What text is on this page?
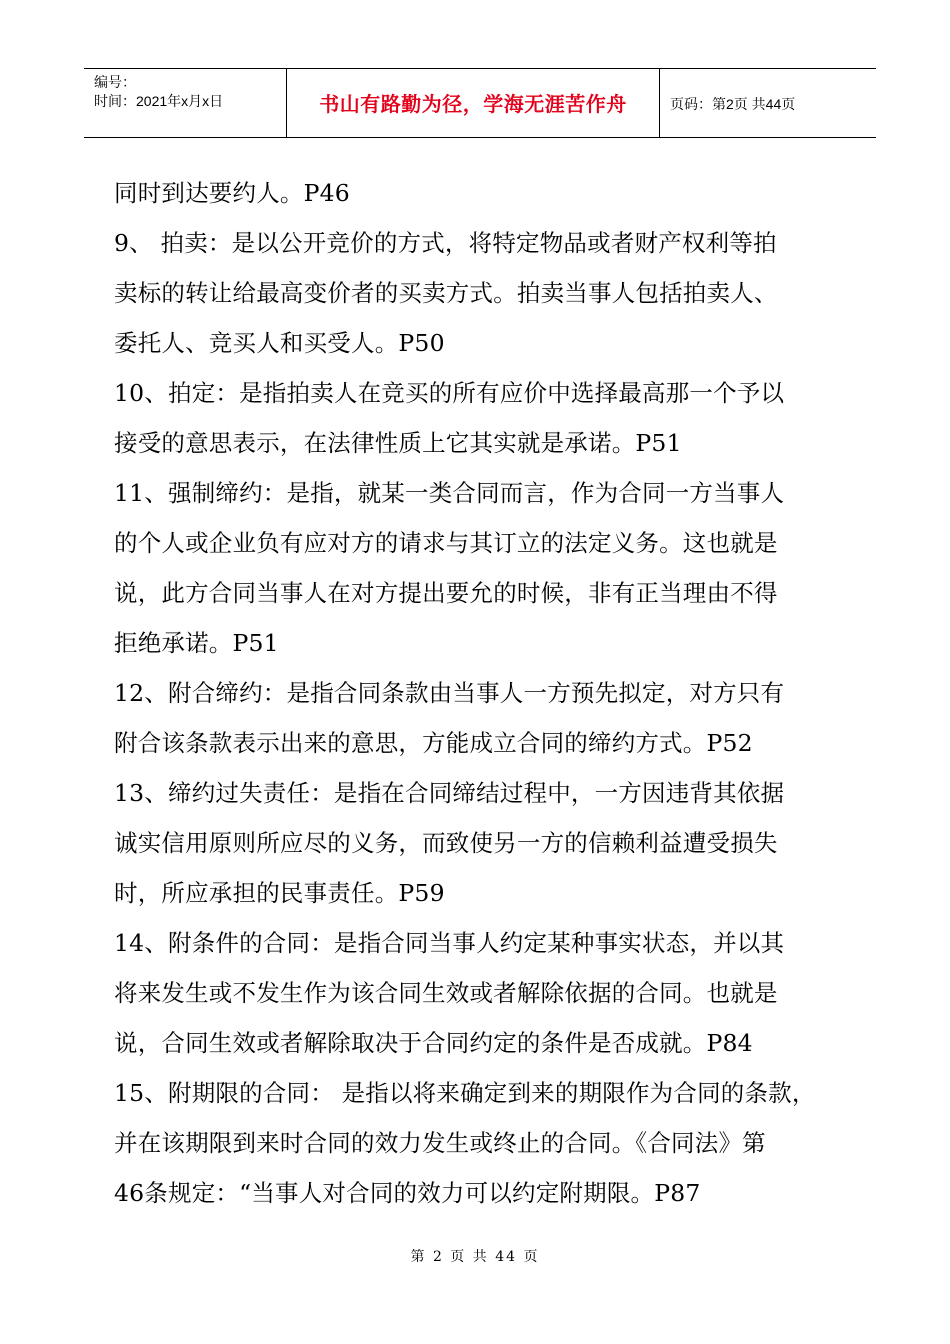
编号：
时间：2021年x月x日	书山有路勤为径，学海无涯苦作舟	页码：第2页 共44页
同时到达要约人。P46
9、 拍卖：是以公开竞价的方式，将特定物品或者财产权利等拍
卖标的转让给最高变价者的买卖方式。拍卖当事人包括拍卖人、
委托人、竞买人和买受人。P50
10、拍定：是指拍卖人在竞买的所有应价中选择最高那一个予以
接受的意思表示，在法律性质上它其实就是承诺。P51
11、强制缔约：是指，就某一类合同而言，作为合同一方当事人
的个人或企业负有应对方的请求与其订立的法定义务。这也就是
说，此方合同当事人在对方提出要允的时候，非有正当理由不得
拒绝承诺。P51
12、附合缔约：是指合同条款由当事人一方预先拟定，对方只有
附合该条款表示出来的意思，方能成立合同的缔约方式。P52
13、缔约过失责任：是指在合同缔结过程中，一方因违背其依据
诚实信用原则所应尽的义务，而致使另一方的信赖利益遭受损失
时，所应承担的民事责任。P59
14、附条件的合同：是指合同当事人约定某种事实状态，并以其
将来发生或不发生作为该合同生效或者解除依据的合同。也就是
说，合同生效或者解除取决于合同约定的条件是否成就。P84
15、附期限的合同： 是指以将来确定到来的期限作为合同的条款，
并在该期限到来时合同的效力发生或终止的合同。《合同法》第
46条规定：“当事人对合同的效力可以约定附期限。P87
第 2 页 共 44 页
